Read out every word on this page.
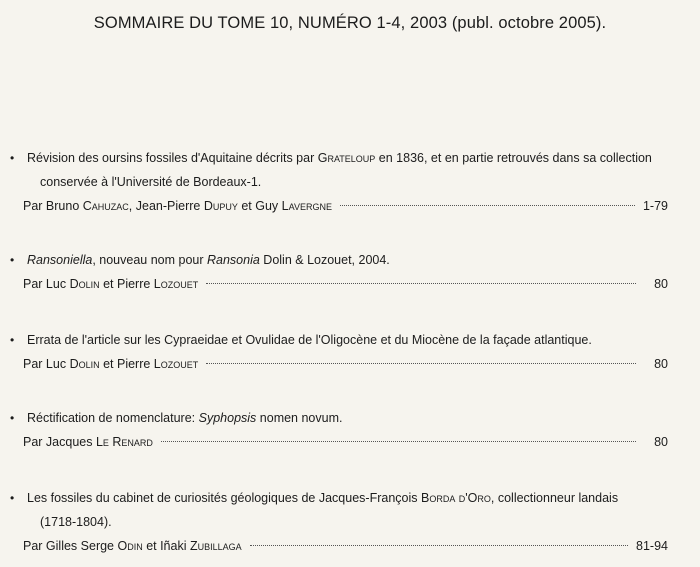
SOMMAIRE DU TOME 10, NUMÉRO 1-4, 2003 (publ. octobre 2005).
•	Révision des oursins fossiles d'Aquitaine décrits par Grateloup en 1836, et en partie retrouvés dans sa collection
conservée à l'Université de Bordeaux-1.
Par Bruno Cahuzac, Jean-Pierre Dupuy et Guy Lavergne	1-79
•	Ransoniella, nouveau nom pour Ransonia Dolin & Lozouet, 2004.
Par Luc Dolin et Pierre Lozouet	80
•	Errata de l'article sur les Cypraeidae et Ovulidae de l'Oligocène et du Miocène de la façade atlantique.
Par Luc Dolin et Pierre Lozouet	80
•	Réctification de nomenclature: Syphopsis nomen novum.
Par Jacques Le Renard	80
•	Les fossiles du cabinet de curiosités géologiques de Jacques-François Borda d'Oro, collectionneur landais
(1718-1804).
Par Gilles Serge Odin et Iñaki Zubillaga	81-94
